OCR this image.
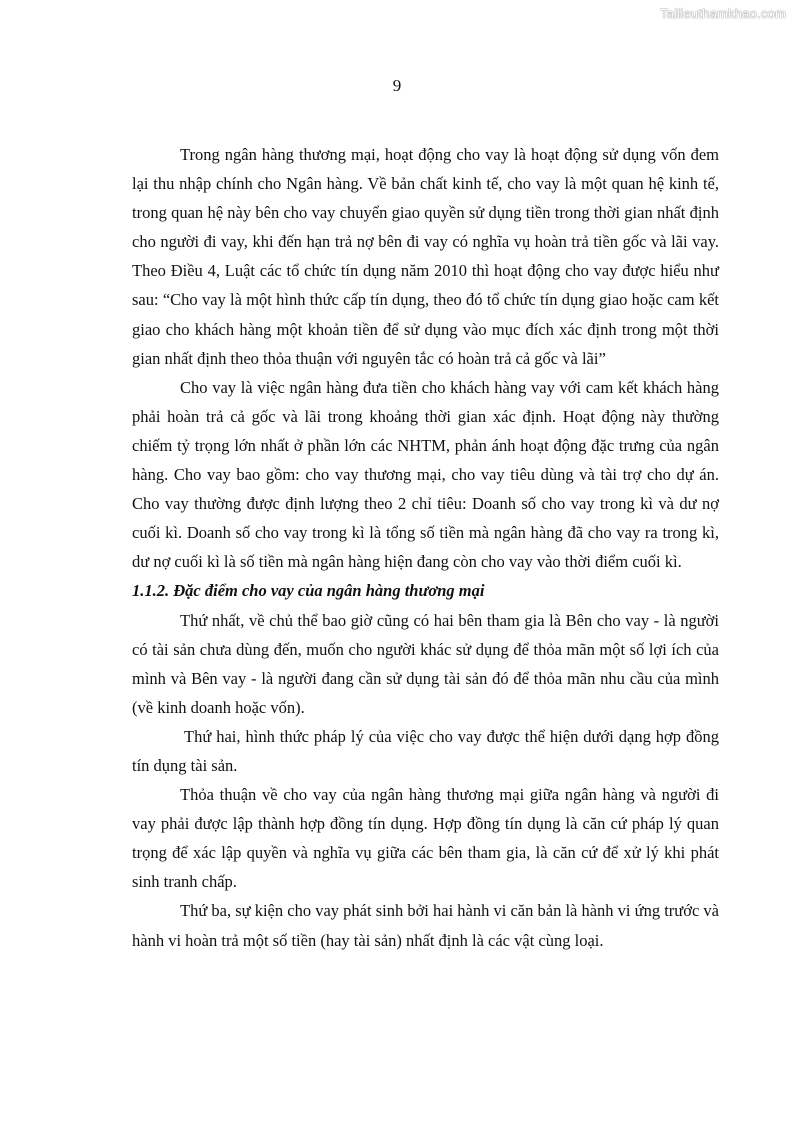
Tailieuthamkhao.com
9

Trong ngân hàng thương mại, hoạt động cho vay là hoạt động sử dụng vốn đem lại thu nhập chính cho Ngân hàng. Về bản chất kinh tế, cho vay là một quan hệ kinh tế, trong quan hệ này bên cho vay chuyển giao quyền sử dụng tiền trong thời gian nhất định cho người đi vay, khi đến hạn trả nợ bên đi vay có nghĩa vụ hoàn trả tiền gốc và lãi vay. Theo Điều 4, Luật các tổ chức tín dụng năm 2010 thì hoạt động cho vay được hiểu như sau: “Cho vay là một hình thức cấp tín dụng, theo đó tổ chức tín dụng giao hoặc cam kết giao cho khách hàng một khoản tiền để sử dụng vào mục đích xác định trong một thời gian nhất định theo thỏa thuận với nguyên tắc có hoàn trả cả gốc và lãi”

Cho vay là việc ngân hàng đưa tiền cho khách hàng vay với cam kết khách hàng phải hoàn trả cả gốc và lãi trong khoảng thời gian xác định. Hoạt động này thường chiếm tỷ trọng lớn nhất ở phần lớn các NHTM, phản ánh hoạt động đặc trưng của ngân hàng. Cho vay bao gồm: cho vay thương mại, cho vay tiêu dùng và tài trợ cho dự án. Cho vay thường được định lượng theo 2 chỉ tiêu: Doanh số cho vay trong kì và dư nợ cuối kì. Doanh số cho vay trong kì là tổng số tiền mà ngân hàng đã cho vay ra trong kì, dư nợ cuối kì là số tiền mà ngân hàng hiện đang còn cho vay vào thời điểm cuối kì.

1.1.2. Đặc điểm cho vay của ngân hàng thương mại

Thứ nhất, về chủ thể bao giờ cũng có hai bên tham gia là Bên cho vay - là người có tài sản chưa dùng đến, muốn cho người khác sử dụng để thỏa mãn một số lợi ích của mình và Bên vay - là người đang cần sử dụng tài sản đó để thỏa mãn nhu cầu của mình (về kinh doanh hoặc vốn).

Thứ hai, hình thức pháp lý của việc cho vay được thể hiện dưới dạng hợp đồng tín dụng tài sản.

Thỏa thuận về cho vay của ngân hàng thương mại giữa ngân hàng và người đi vay phải được lập thành hợp đồng tín dụng. Hợp đồng tín dụng là căn cứ pháp lý quan trọng để xác lập quyền và nghĩa vụ giữa các bên tham gia, là căn cứ để xử lý khi phát sinh tranh chấp.

Thứ ba, sự kiện cho vay phát sinh bởi hai hành vi căn bản là hành vi ứng trước và hành vi hoàn trả một số tiền (hay tài sản) nhất định là các vật cùng loại.
